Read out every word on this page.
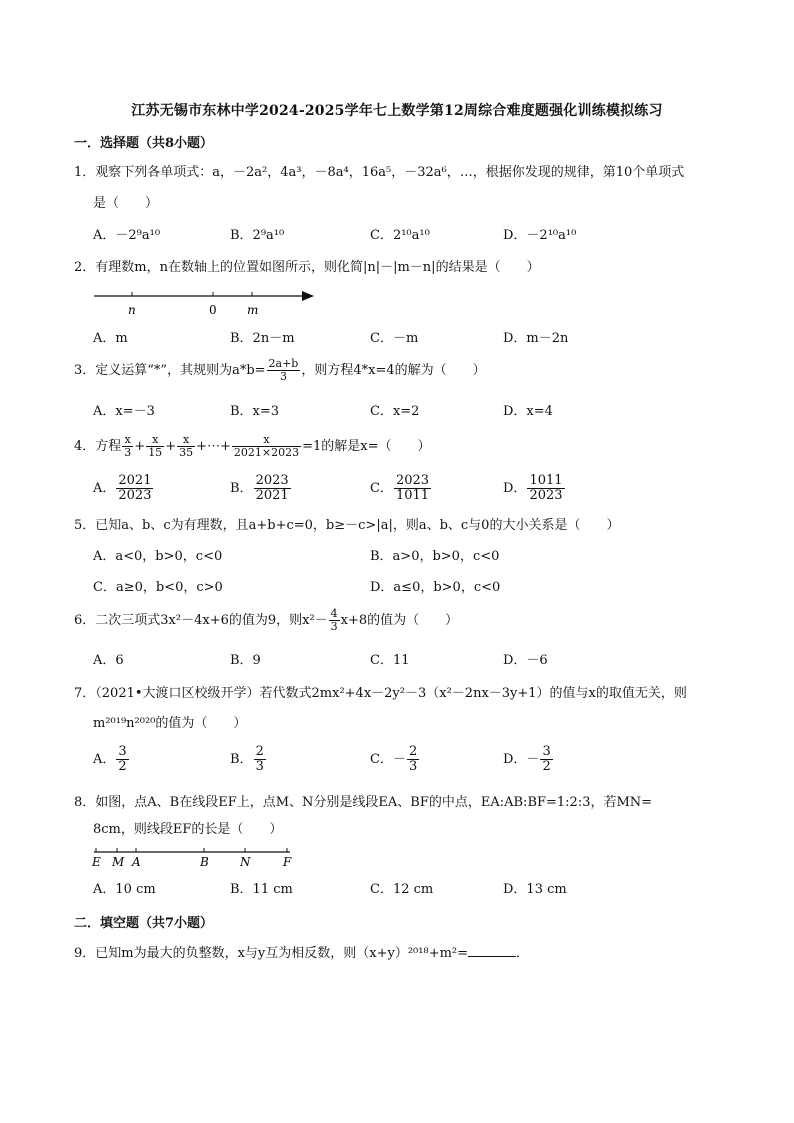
江苏无锡市东林中学2024-2025学年七上数学第12周综合难度题强化训练模拟练习
一．选择题（共8小题）
1．观察下列各单项式：a，－2a²，4a³，－8a⁴，16a⁵，－32a⁶，…，根据你发现的规律，第10个单项式
是（　　）
A．－2⁹a¹⁰	B．2⁹a¹⁰	C．2¹⁰a¹⁰	D．－2¹⁰a¹⁰
2．有理数m，n在数轴上的位置如图所示，则化简|n|－|m－n|的结果是（　　）
n	0	m
A．m	B．2n－m	C．－m	D．m－2n
3．定义运算“*”，其规则为$a*b= \frac{2a+b}{3}$ ，则方程4*x=4的解为（　　）
A．x=－3	B．x=3	C．x=2	D．x=4
4．方程 $\frac{x}{3} + \frac{x}{15} + \frac{x}{35}$ +⋯+ $\frac{x}{2021\times 2023} =1$的解是x=（　　）
A． $\frac{2021}{2023}$	B． $\frac{2023}{2021}$	C． $\frac{2023}{1011}$	D． $\frac{1011}{2023}$
5．已知a、b、c为有理数，且a+b+c=0，b≥－c>|a|，则a、b、c与0的大小关系是（　　）
A．a<0，b>0，c<0	B．a>0，b>0，c<0
C．a≥0，b<0，c>0	D．a≤0，b>0，c<0
6．二次三项式3x²－4x+6的值为9，则$x^2- \frac{4}{3} x+8$的值为（　　）
A．6	B．9	C．11	D．－6
7．（2021•大渡口区校级开学）若代数式2mx²+4x－2y²－3（x²－2nx－3y+1）的值与x的取值无关，则
m²⁰¹⁹n²⁰²⁰的值为（　　）
A． $\frac{3}{2}$	B． $\frac{2}{3}$	C．－ $\frac{2}{3}$	D．－ $\frac{3}{2}$
8．如图，点A、B在线段EF上，点M、N分别是线段EA、BF的中点，EA:AB:BF=1:2:3，若MN=
8cm，则线段EF的长是（　　）
E M A	B	N	F
A．10 cm	B．11 cm	C．12 cm	D．13 cm
二．填空题（共7小题）
9．已知m为最大的负整数，x与y互为相反数，则（x+y）²⁰¹⁸+m²=	．
